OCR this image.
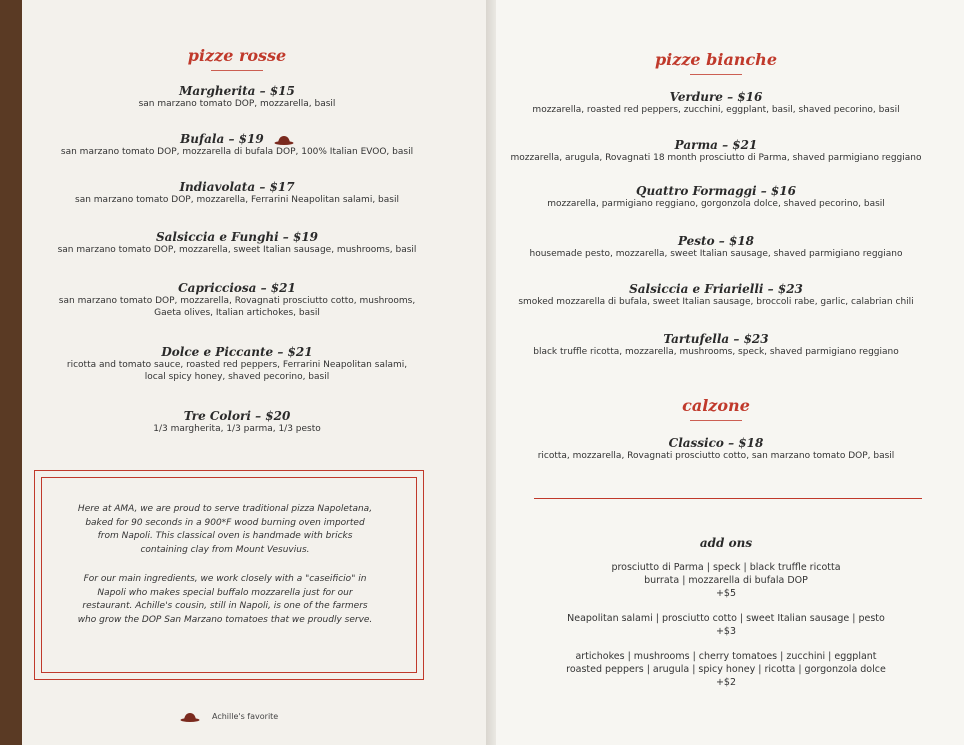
pizze rosse

Margherita – $15
san marzano tomato DOP, mozzarella, basil
Bufala – $19
san marzano tomato DOP, mozzarella di bufala DOP, 100% Italian EVOO, basil
Indiavolata – $17
san marzano tomato DOP, mozzarella, Ferrarini Neapolitan salami, basil
Salsiccia e Funghi – $19
san marzano tomato DOP, mozzarella, sweet Italian sausage, mushrooms, basil
Capricciosa – $21
san marzano tomato DOP, mozzarella, Rovagnati prosciutto cotto, mushrooms,
Gaeta olives, Italian artichokes, basil
Dolce e Piccante – $21
ricotta and tomato sauce, roasted red peppers, Ferrarini Neapolitan salami,
local spicy honey, shaved pecorino, basil
Tre Colori – $20
1/3 margherita, 1/3 parma, 1/3 pesto
Here at AMA, we are proud to serve traditional pizza Napoletana,
baked for 90 seconds in a 900*F wood burning oven imported
from Napoli. This classical oven is handmade with bricks
containing clay from Mount Vesuvius.
For our main ingredients, we work closely with a "caseificio" in
Napoli who makes special buffalo mozzarella just for our
restaurant. Achille's cousin, still in Napoli, is one of the farmers
who grow the DOP San Marzano tomatoes that we proudly serve.
Achille's favorite

pizze bianche

Verdure – $16
mozzarella, roasted red peppers, zucchini, eggplant, basil, shaved pecorino, basil
Parma – $21
mozzarella, arugula, Rovagnati 18 month prosciutto di Parma, shaved parmigiano reggiano
Quattro Formaggi – $16
mozzarella, parmigiano reggiano, gorgonzola dolce, shaved pecorino, basil
Pesto – $18
housemade pesto, mozzarella, sweet Italian sausage, shaved parmigiano reggiano
Salsiccia e Friarielli – $23
smoked mozzarella di bufala, sweet Italian sausage, broccoli rabe, garlic, calabrian chili
Tartufella – $23
black truffle ricotta, mozzarella, mushrooms, speck, shaved parmigiano reggiano

calzone

Classico – $18
ricotta, mozzarella, Rovagnati prosciutto cotto, san marzano tomato DOP, basil
add ons
prosciutto di Parma | speck | black truffle ricotta
burrata | mozzarella di bufala DOP
+$5
Neapolitan salami | prosciutto cotto | sweet Italian sausage | pesto
+$3
artichokes | mushrooms | cherry tomatoes | zucchini | eggplant
roasted peppers | arugula | spicy honey | ricotta | gorgonzola dolce
+$2
